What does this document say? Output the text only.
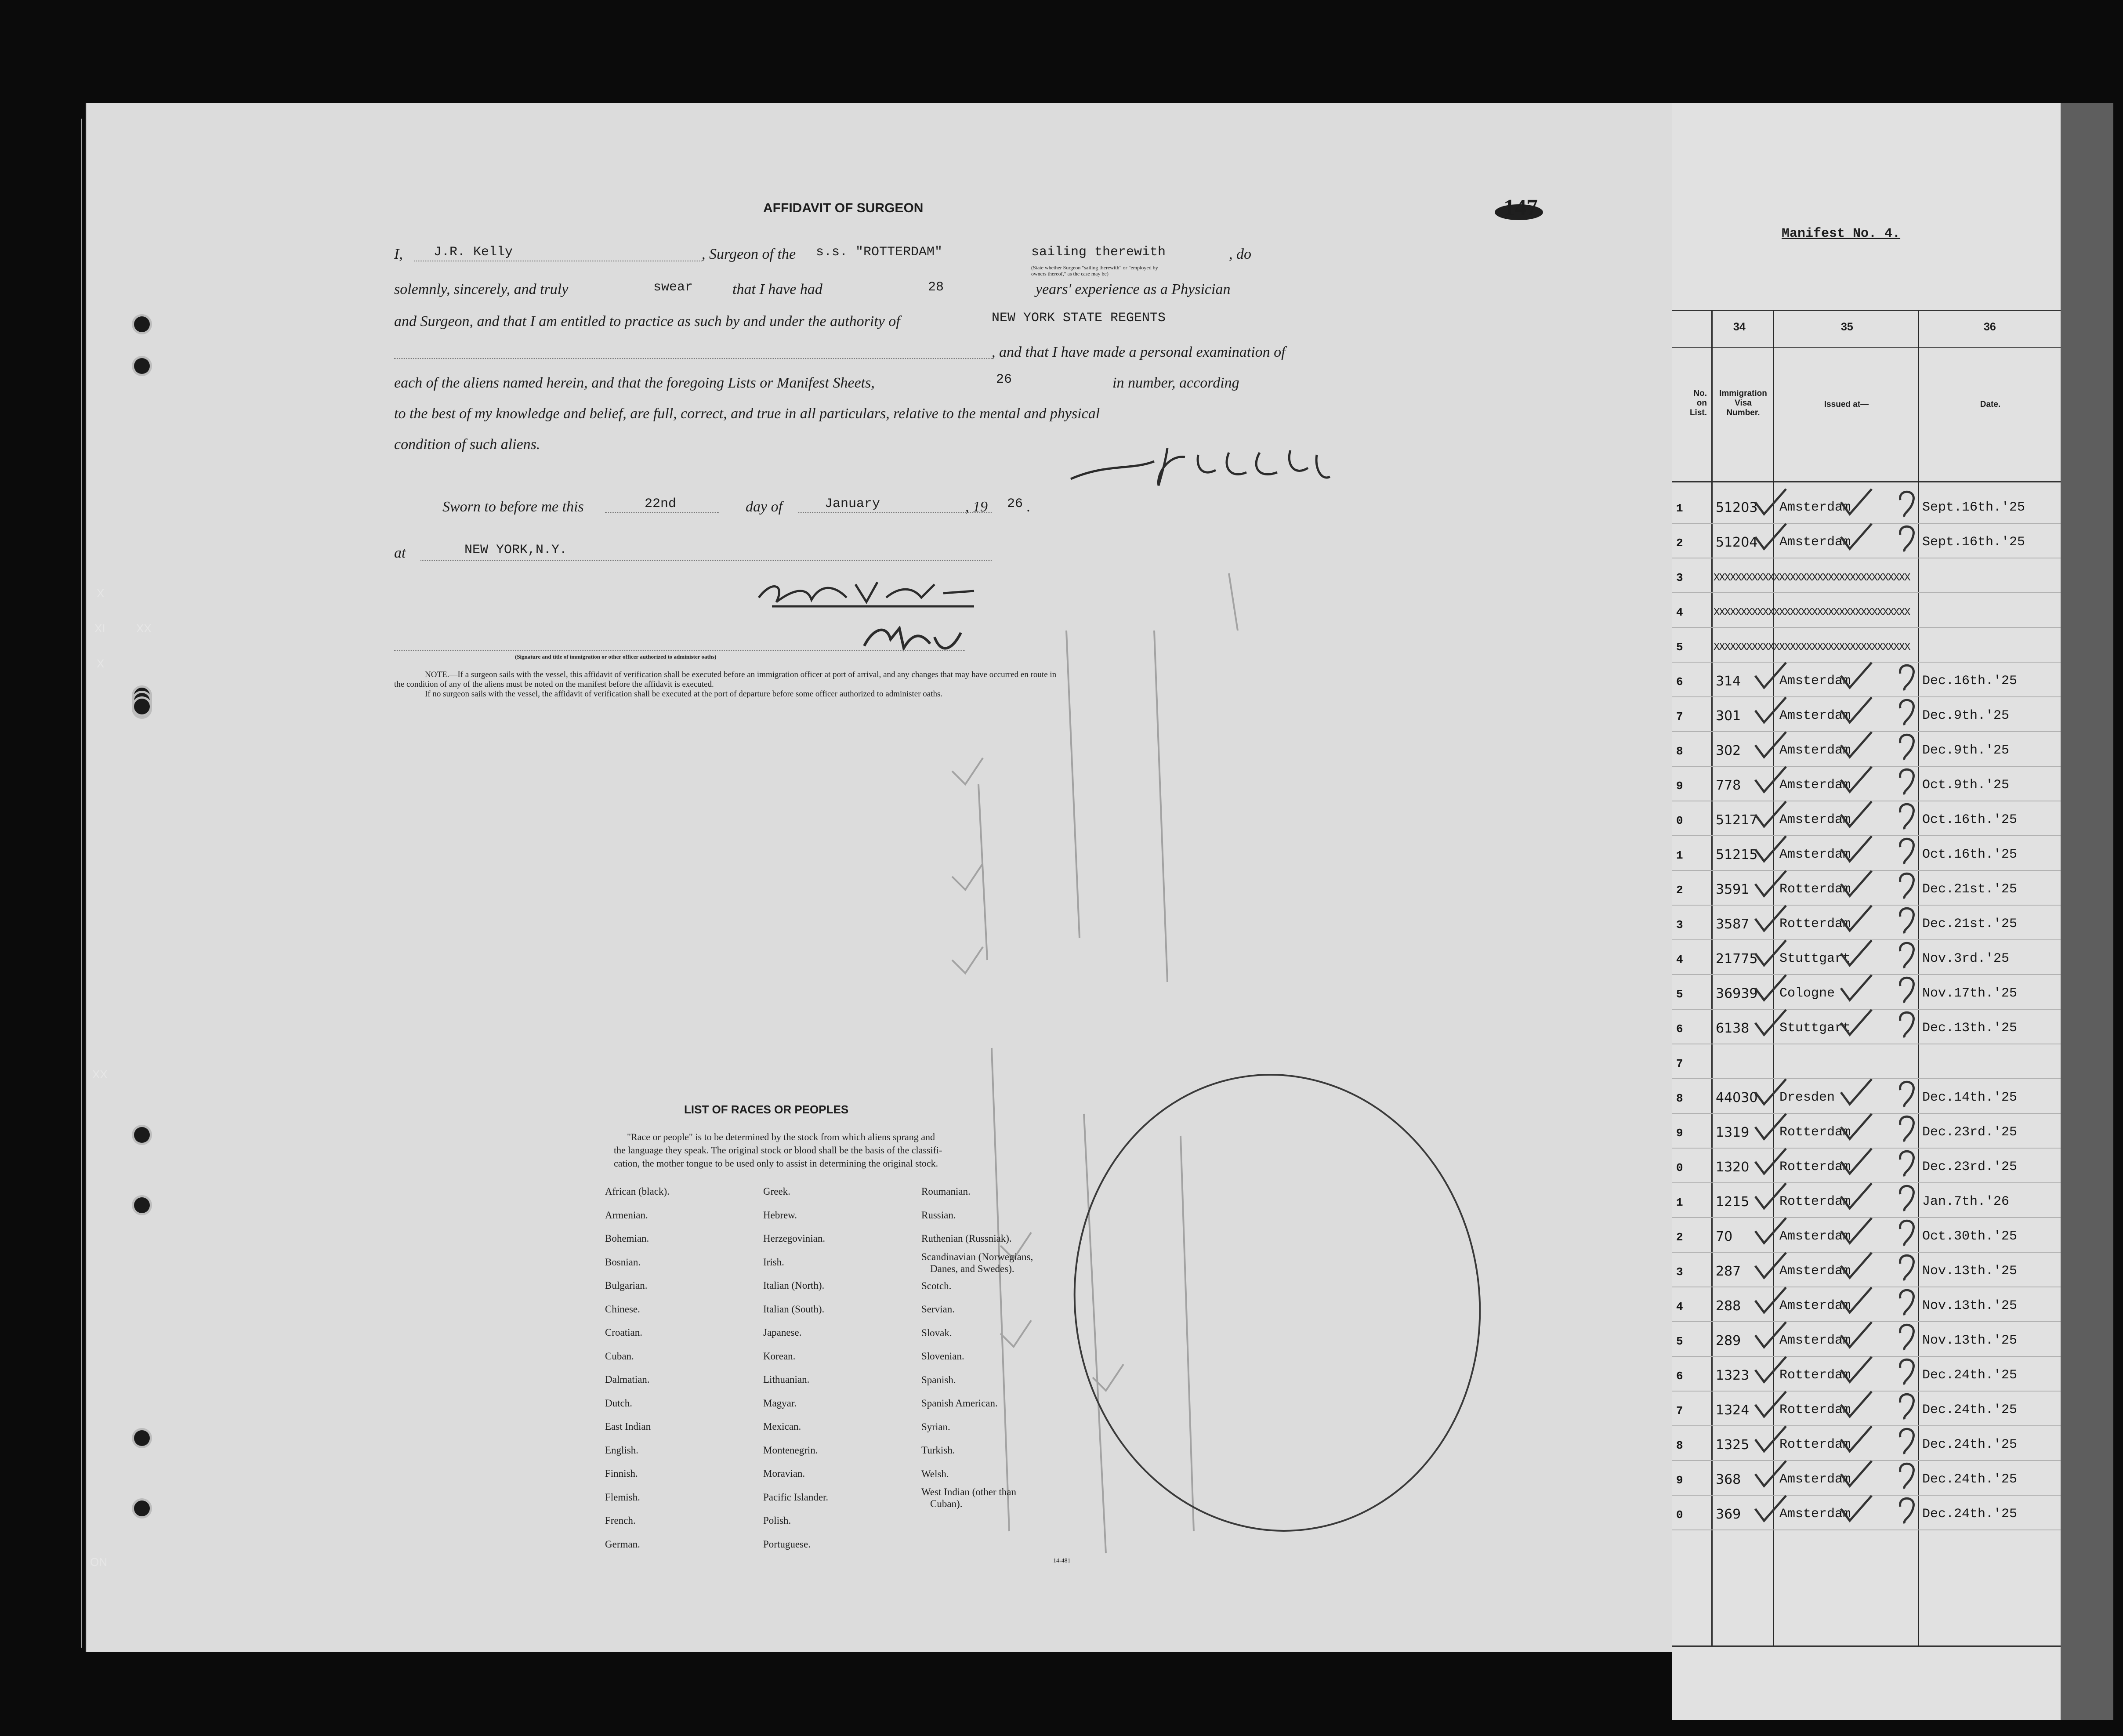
147
AFFIDAVIT OF SURGEON
I, J.R. Kelly	, Surgeon of the s.s. "ROTTERDAM"	sailing therewith	, do
(State whether Surgeon "sailing therewith" or "employed by
owners thereof," as the case may be)
solemnly, sincerely, and truly	swear	that I have had	28	years' experience as a Physician
and Surgeon, and that I am entitled to practice as such by and under the authority of	NEW YORK STATE REGENTS
, and that I have made a personal examination of
each of the aliens named herein, and that the foregoing Lists or Manifest Sheets,	26	in number, according
to the best of my knowledge and belief, are full, correct, and true in all particulars, relative to the mental and physical
condition of such aliens.
Sworn to before me this	22nd	day of	January	, 19 26 .
at	NEW YORK,N.Y.
(Signature and title of immigration or other officer authorized to administer oaths)
NOTE.—If a surgeon sails with the vessel, this affidavit of verification shall be executed before an immigration officer at port of arrival, and any changes that may have occurred en route in
the condition of any of the aliens must be noted on the manifest before the affidavit is executed.
If no surgeon sails with the vessel, the affidavit of verification shall be executed at the port of departure before some officer authorized to administer oaths.
LIST OF RACES OR PEOPLES
"Race or people" is to be determined by the stock from which aliens sprang and
the language they speak. The original stock or blood shall be the basis of the classifi-
cation, the mother tongue to be used only to assist in determining the original stock.
African (black).
Armenian.
Bohemian.
Bosnian.
Bulgarian.
Chinese.
Croatian.
Cuban.
Dalmatian.
Dutch.
East Indian
English.
Finnish.
Flemish.
French.
German.
Greek.
Hebrew.
Herzegovinian.
Irish.
Italian (North).
Italian (South).
Japanese.
Korean.
Lithuanian.
Magyar.
Mexican.
Montenegrin.
Moravian.
Pacific Islander.
Polish.
Portuguese.
Roumanian.
Russian.
Ruthenian (Russniak).
Scandinavian (Norwegians,
Danes, and Swedes).
Scotch.
Servian.
Slovak.
Slovenian.
Spanish.
Spanish American.
Syrian.
Turkish.
Welsh.
West Indian (other than
Cuban).
14-481
X
XI	XX
X
XX
ON
Manifest No. 4.
34	35	36
No.
on
List.
Immigration
Visa
Number.
Issued at—	Date.
1 51203 Amsterdam	Sept.16th.'25
2 51204 Amsterdam	Sept.16th.'25
3	XXXXXXXXXXXXXXXXXXXXXXXXXXXXXXXXXXXX
4	XXXXXXXXXXXXXXXXXXXXXXXXXXXXXXXXXXXX
5	XXXXXXXXXXXXXXXXXXXXXXXXXXXXXXXXXXXX
6 314	Amsterdam	Dec.16th.'25
7 301	Amsterdam	Dec.9th.'25
8 302	Amsterdam	Dec.9th.'25
9 778	Amsterdam	Oct.9th.'25
0 51217 Amsterdam	Oct.16th.'25
1 51215 Amsterdam	Oct.16th.'25
2 3591 Rotterdam	Dec.21st.'25
3 3587 Rotterdam	Dec.21st.'25
4 21775 Stuttgart	Nov.3rd.'25
5 36939 Cologne	Nov.17th.'25
6 6138 Stuttgart	Dec.13th.'25
7
8 44030 Dresden	Dec.14th.'25
9 1319 Rotterdam	Dec.23rd.'25
0 1320 Rotterdam	Dec.23rd.'25
1 1215 Rotterdam	Jan.7th.'26
2 70	Amsterdam	Oct.30th.'25
3 287	Amsterdam	Nov.13th.'25
4 288	Amsterdam	Nov.13th.'25
5 289	Amsterdam	Nov.13th.'25
6 1323 Rotterdam	Dec.24th.'25
7 1324 Rotterdam	Dec.24th.'25
8 1325 Rotterdam	Dec.24th.'25
9 368	Amsterdam	Dec.24th.'25
0 369	Amsterdam	Dec.24th.'25
